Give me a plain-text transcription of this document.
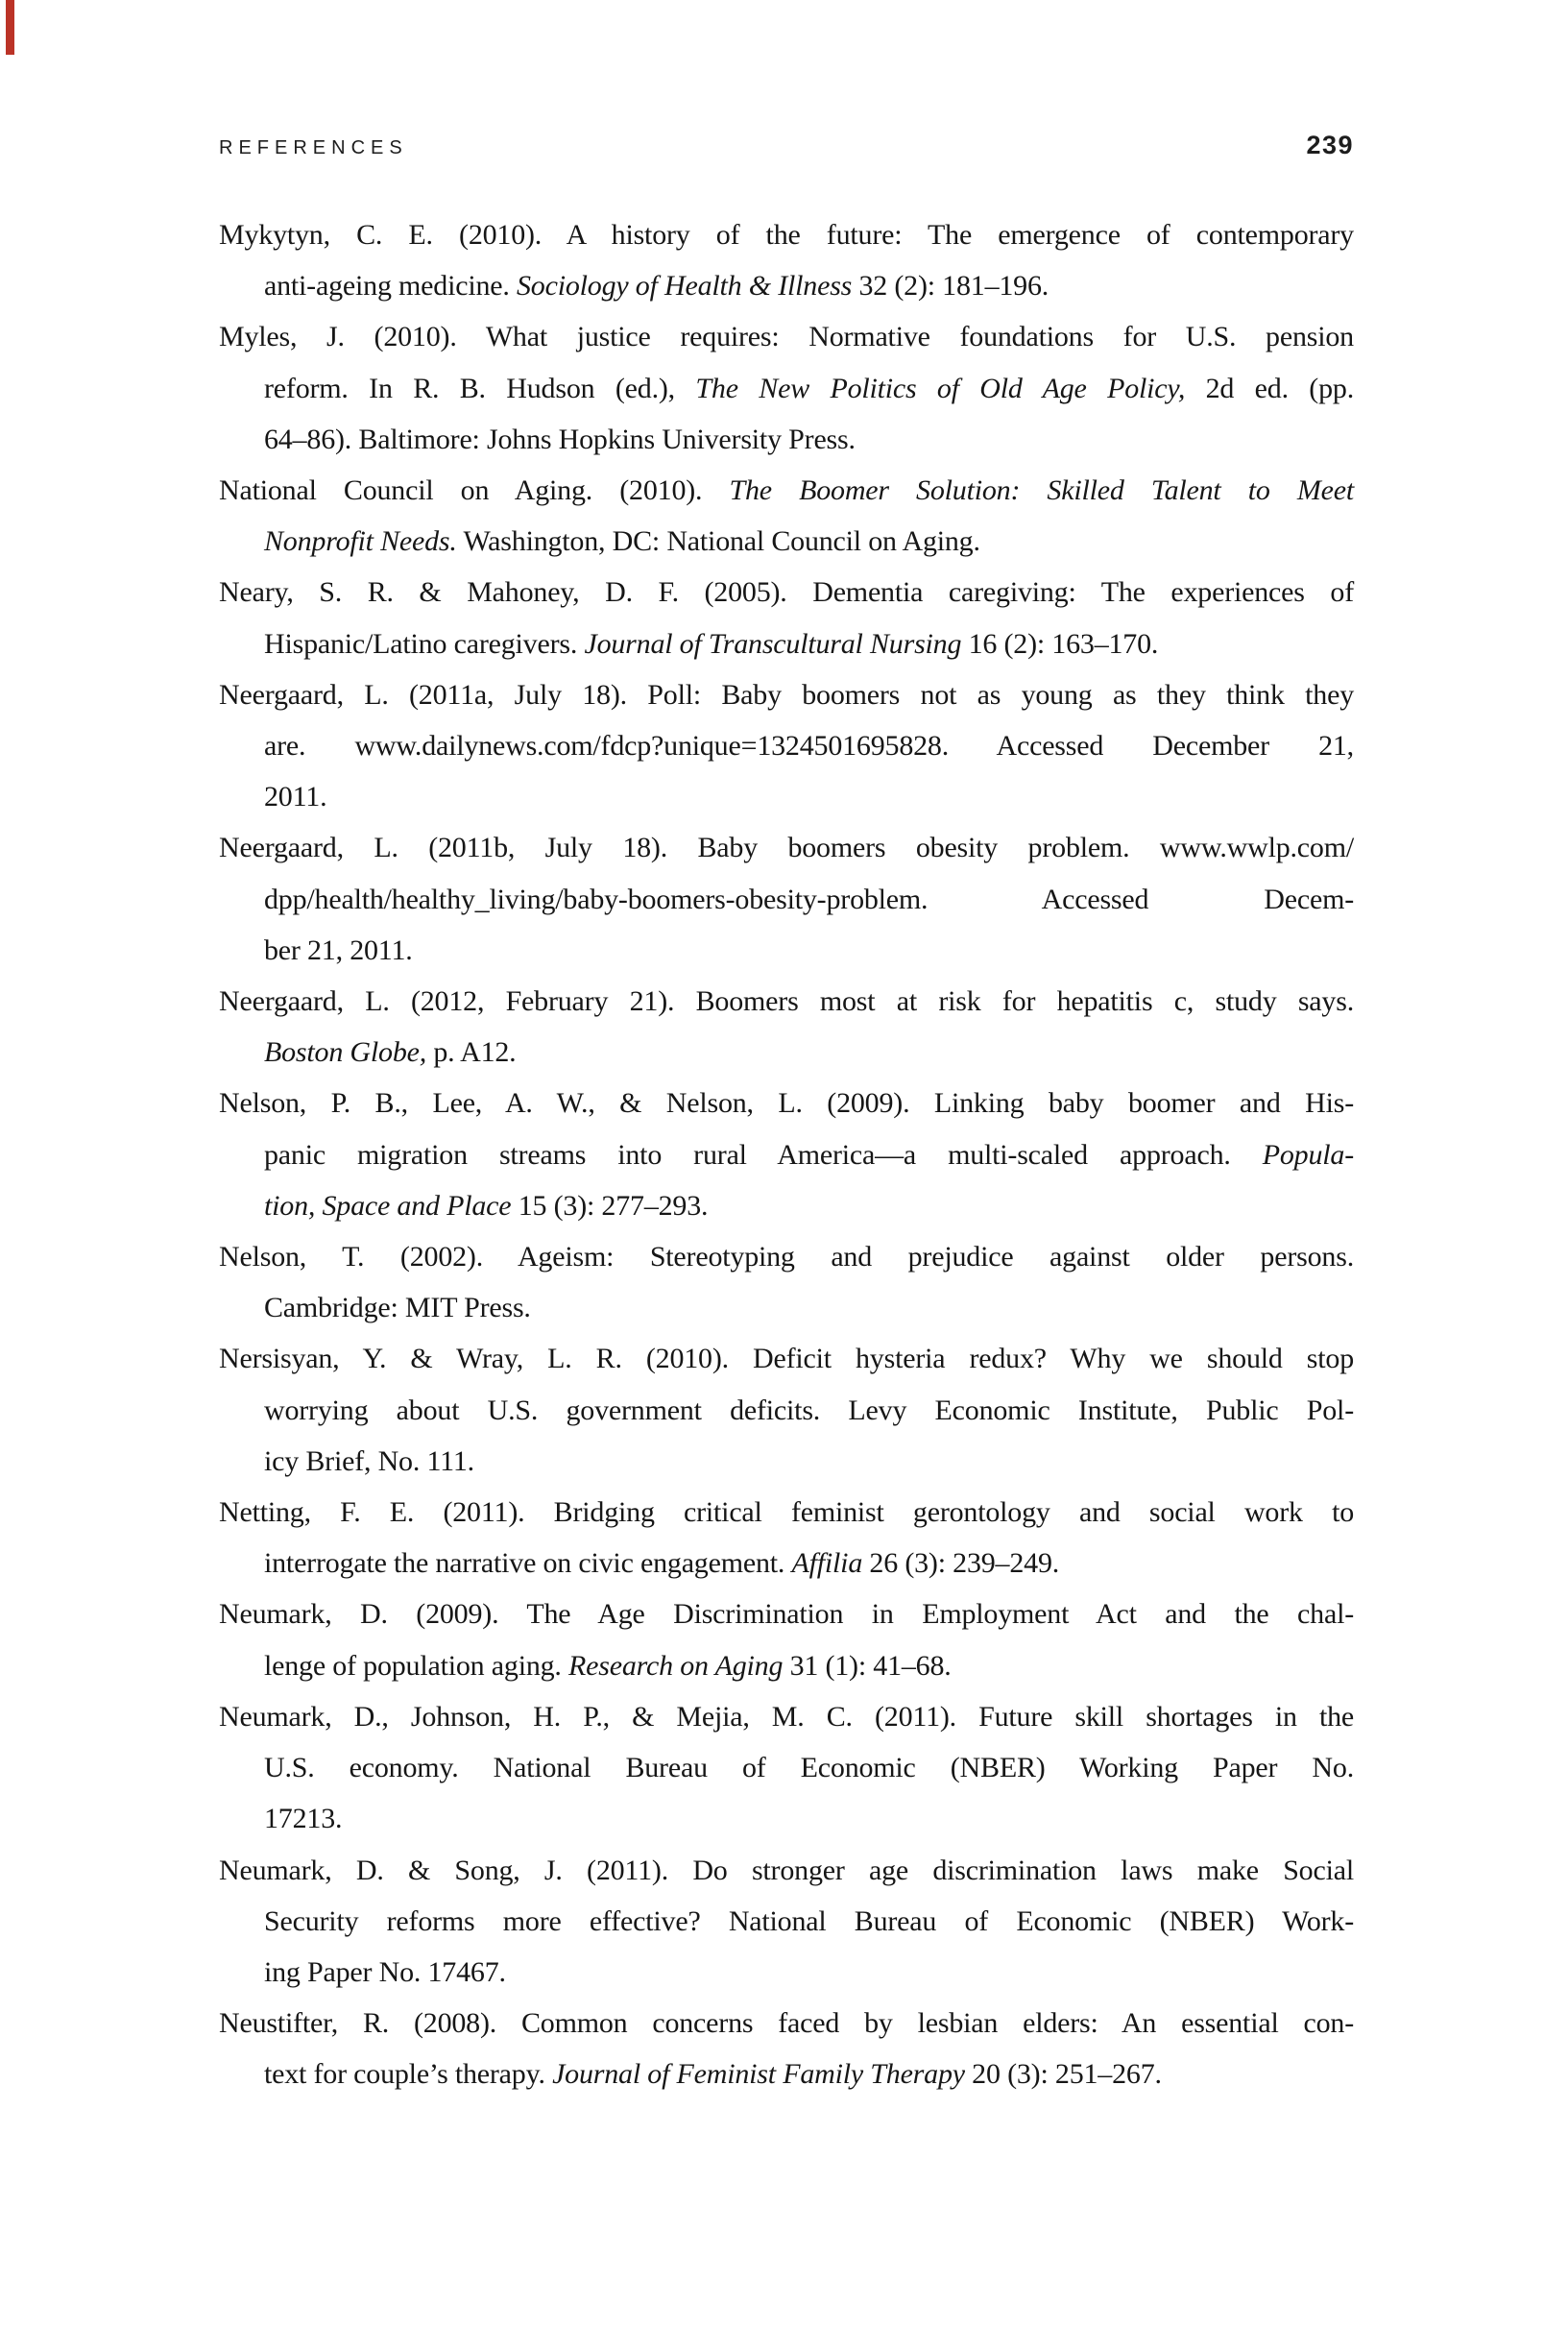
REFERENCES	239
Mykytyn, C. E. (2010). A history of the future: The emergence of contemporary
anti-ageing medicine. Sociology of Health & Illness 32 (2): 181–196.
Myles, J. (2010). What justice requires: Normative foundations for U.S. pension
reform. In R. B. Hudson (ed.), The New Politics of Old Age Policy, 2d ed. (pp.
64–86). Baltimore: Johns Hopkins University Press.
National Council on Aging. (2010). The Boomer Solution: Skilled Talent to Meet
Nonprofit Needs. Washington, DC: National Council on Aging.
Neary, S. R. & Mahoney, D. F. (2005). Dementia caregiving: The experiences of
Hispanic/Latino caregivers. Journal of Transcultural Nursing 16 (2): 163–170.
Neergaard, L. (2011a, July 18). Poll: Baby boomers not as young as they think they
are. www.dailynews.com/fdcp?unique=1324501695828. Accessed December 21,
2011.
Neergaard, L. (2011b, July 18). Baby boomers obesity problem. www.wwlp.com/
dpp/health/healthy_living/baby-boomers-obesity-problem. Accessed Decem-
ber 21, 2011.
Neergaard, L. (2012, February 21). Boomers most at risk for hepatitis c, study says.
Boston Globe, p. A12.
Nelson, P. B., Lee, A. W., & Nelson, L. (2009). Linking baby boomer and His-
panic migration streams into rural America—a multi-scaled approach. Popula-
tion, Space and Place 15 (3): 277–293.
Nelson, T. (2002). Ageism: Stereotyping and prejudice against older persons.
Cambridge: MIT Press.
Nersisyan, Y. & Wray, L. R. (2010). Deficit hysteria redux? Why we should stop
worrying about U.S. government deficits. Levy Economic Institute, Public Pol-
icy Brief, No. 111.
Netting, F. E. (2011). Bridging critical feminist gerontology and social work to
interrogate the narrative on civic engagement. Affilia 26 (3): 239–249.
Neumark, D. (2009). The Age Discrimination in Employment Act and the chal-
lenge of population aging. Research on Aging 31 (1): 41–68.
Neumark, D., Johnson, H. P., & Mejia, M. C. (2011). Future skill shortages in the
U.S. economy. National Bureau of Economic (NBER) Working Paper No.
17213.
Neumark, D. & Song, J. (2011). Do stronger age discrimination laws make Social
Security reforms more effective? National Bureau of Economic (NBER) Work-
ing Paper No. 17467.
Neustifter, R. (2008). Common concerns faced by lesbian elders: An essential con-
text for couple’s therapy. Journal of Feminist Family Therapy 20 (3): 251–267.
